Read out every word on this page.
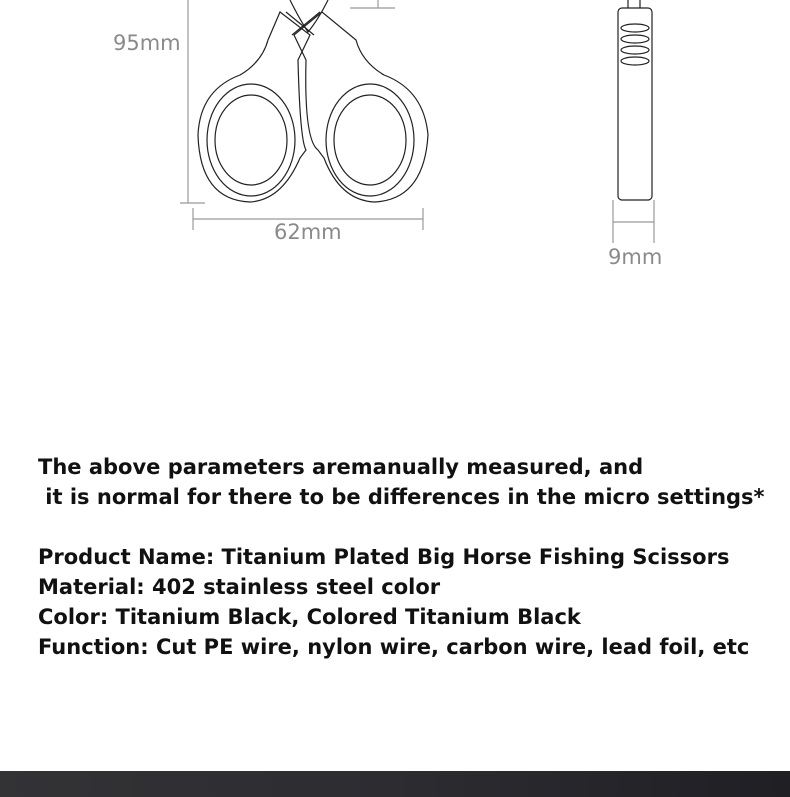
95mm
62mm
9mm
The above parameters aremanually measured, and
it is normal for there to be differences in the micro settings*

Product Name: Titanium Plated Big Horse Fishing Scissors
Material: 402 stainless steel color
Color: Titanium Black, Colored Titanium Black
Function: Cut PE wire, nylon wire, carbon wire, lead foil, etc
